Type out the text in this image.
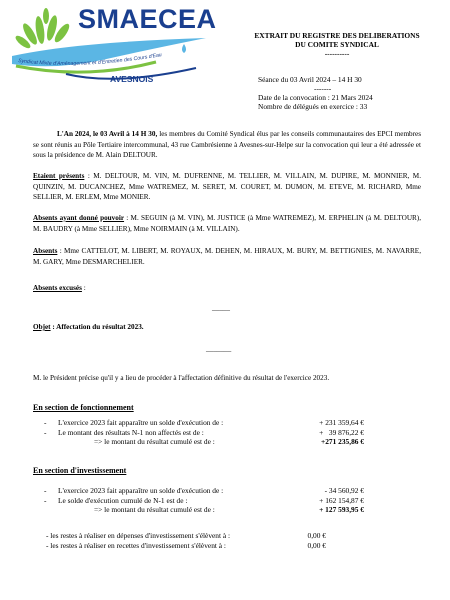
Syndicat Mixte d'Aménagement et d'Entretien des Cours d'Eau
SMAECEA
AVESNOIS
EXTRAIT DU REGISTRE DES DELIBERATIONS
DU COMITE SYNDICAL
----------
Séance du 03 Avril 2024 – 14 H 30
-------
Date de la convocation : 21 Mars 2024
Nombre de délégués en exercice : 33
L'An 2024, le 03 Avril à 14 H 30, les membres du Comité Syndical élus par les conseils communautaires des EPCI membres se sont réunis au Pôle Tertiaire intercommunal, 43 rue Cambrésienne à Avesnes-sur-Helpe sur la convocation qui leur a été adressée et sous la présidence de M. Alain DELTOUR.
Etaient présents : M. DELTOUR, M. VIN, M. DUFRENNE, M. TELLIER, M. VILLAIN, M. DUPIRE, M. MONNIER, M. QUINZIN, M. DUCANCHEZ, Mme WATREMEZ, M. SERET, M. COURET, M. DUMON, M. ETEVE, M. RICHARD, Mme SELLIER, M. ERLEM, Mme MONIER.
Absents ayant donné pouvoir : M. SEGUIN (à M. VIN), M. JUSTICE (à Mme WATREMEZ), M. ERPHELIN (à M. DELTOUR), M. BAUDRY (à Mme SELLIER), Mme NOIRMAIN (à M. VILLAIN).
Absents : Mme CATTELOT, M. LIBERT, M. ROYAUX, M. DEHEN, M. HIRAUX, M. BURY, M. BETTIGNIES, M. NAVARRE, M. GARY, Mme DESMARCHELIER.
Absents excusés :
_____
Objet : Affectation du résultat 2023.
_______
M. le Président précise qu'il y a lieu de procéder à l'affectation définitive du résultat de l'exercice 2023.
En section de fonctionnement
-	L'exercice 2023 fait apparaître un solde d'exécution de :	+ 231 359,64 €
-	Le montant des résultats N-1 non affectés est de :	+   39 876,22 €
=> le montant du résultat cumulé est de :	+271 235,86 €
En section d'investissement
-	L'exercice 2023 fait apparaître un solde d'exécution de :	- 34 560,92 €
-	Le solde d'exécution cumulé de N-1 est de :	+ 162 154,87 €
=> le montant du résultat cumulé est de :	+ 127 593,95 €
- les restes à réaliser en dépenses d'investissement s'élèvent à :	0,00 €
- les restes à réaliser en recettes d'investissement s'élèvent à :	0,00 €
